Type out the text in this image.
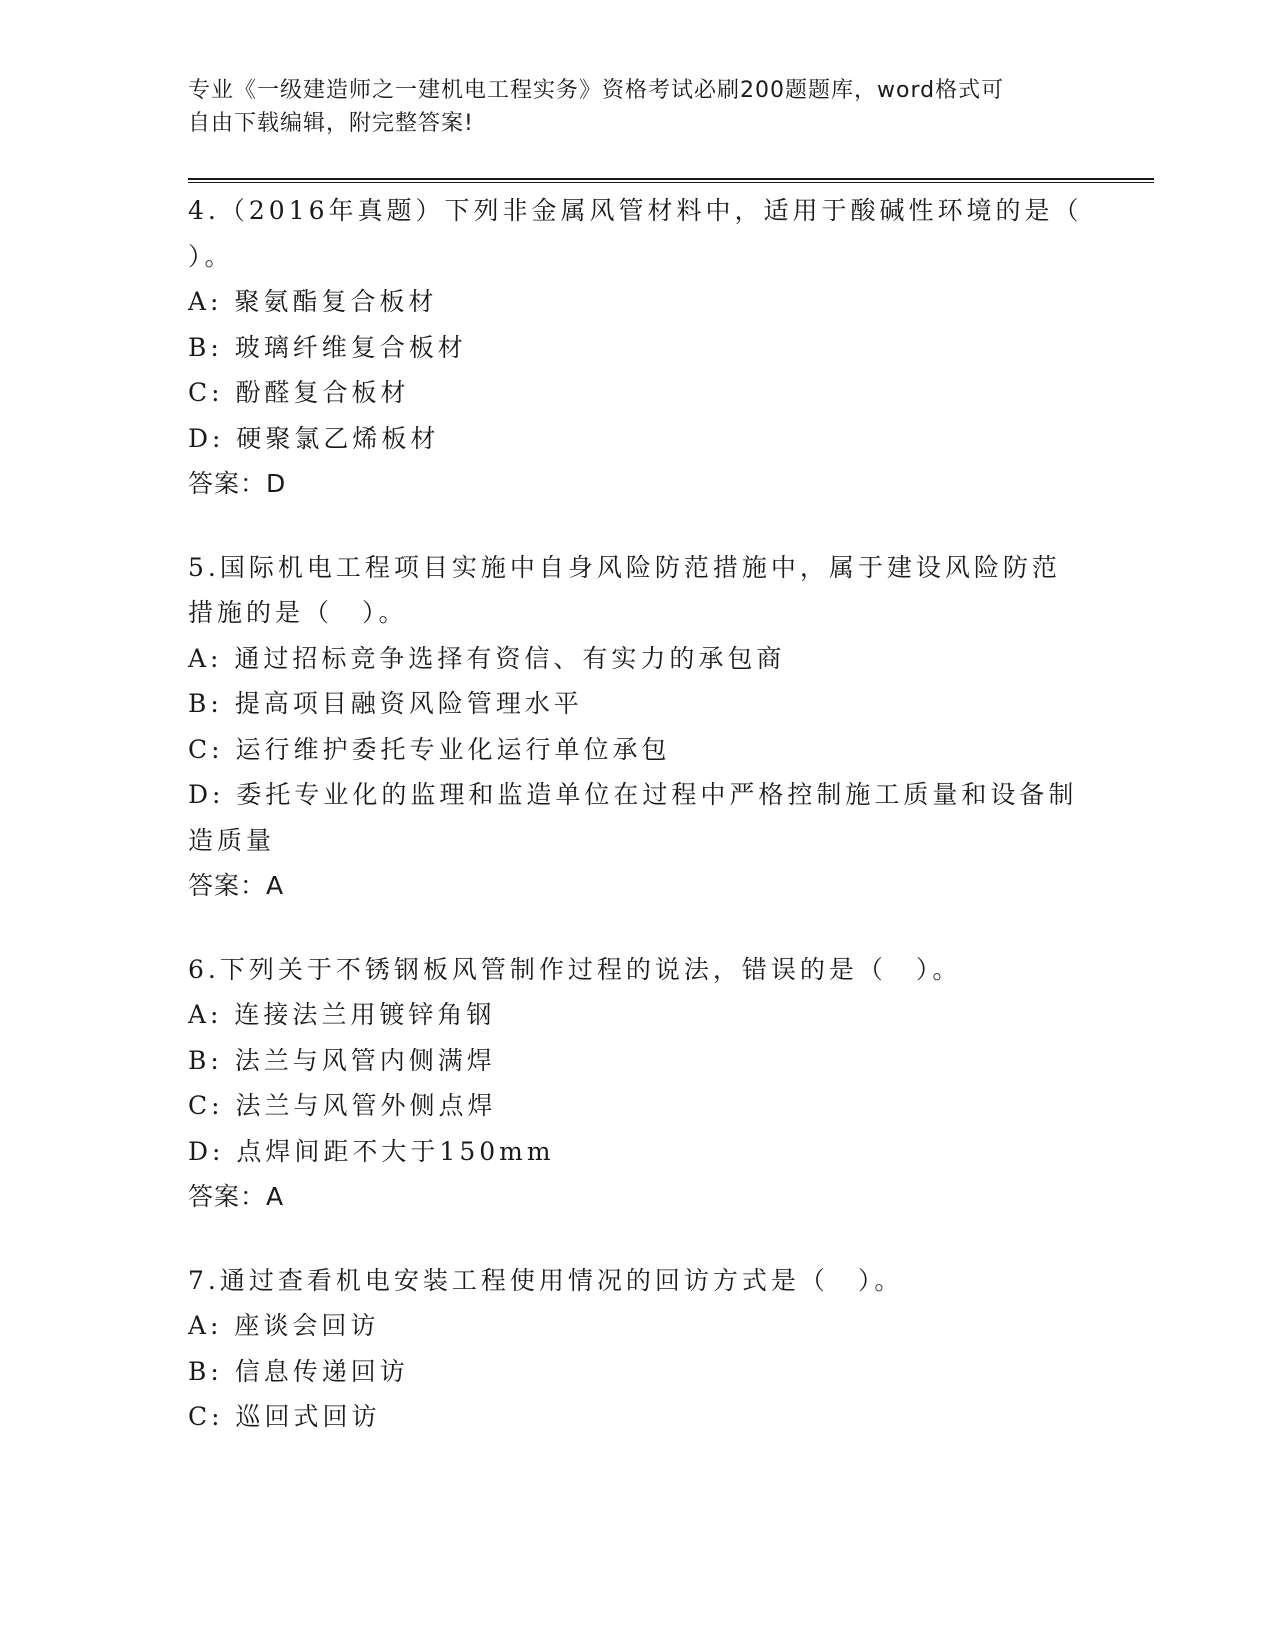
专业《一级建造师之一建机电工程实务》资格考试必刷200题题库，word格式可
自由下载编辑，附完整答案!
4.（2016年真题）下列非金属风管材料中，适用于酸碱性环境的是（
）。
A: 聚氨酯复合板材
B: 玻璃纤维复合板材
C: 酚醛复合板材
D: 硬聚氯乙烯板材
答案：D
5.国际机电工程项目实施中自身风险防范措施中，属于建设风险防范
措施的是（　）。
A: 通过招标竞争选择有资信、有实力的承包商
B: 提高项目融资风险管理水平
C: 运行维护委托专业化运行单位承包
D: 委托专业化的监理和监造单位在过程中严格控制施工质量和设备制
造质量
答案：A
6.下列关于不锈钢板风管制作过程的说法，错误的是（　）。
A: 连接法兰用镀锌角钢
B: 法兰与风管内侧满焊
C: 法兰与风管外侧点焊
D: 点焊间距不大于150mm
答案：A
7.通过查看机电安装工程使用情况的回访方式是（　）。
A: 座谈会回访
B: 信息传递回访
C: 巡回式回访
